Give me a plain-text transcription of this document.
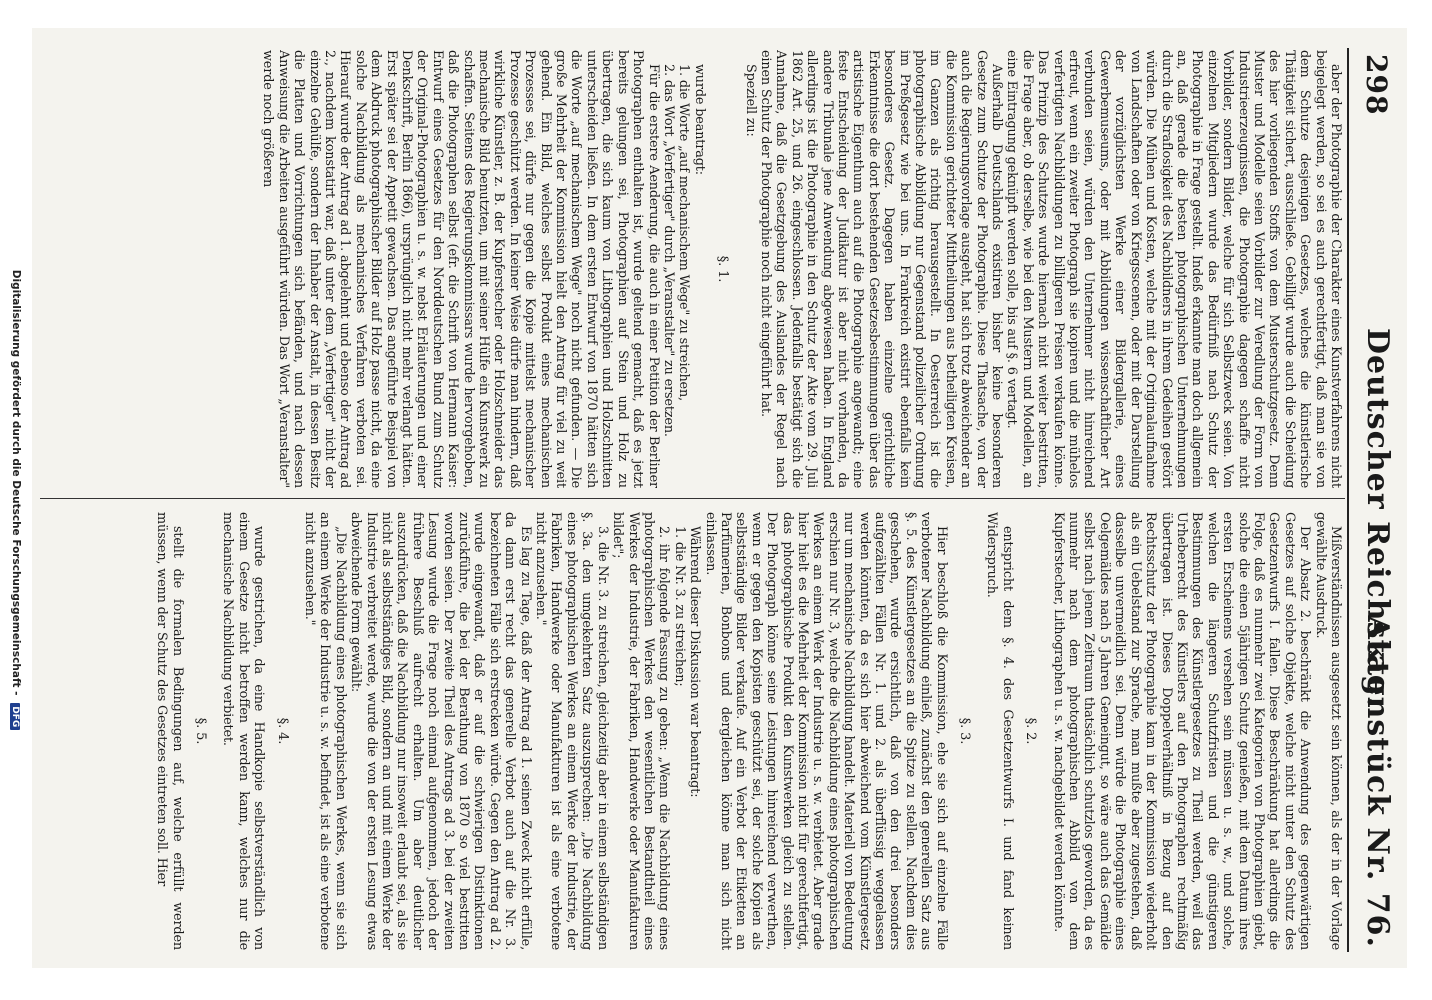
298
Deutscher Reichstag.
Aktenstück Nr. 76.

aber der Photographie der Charakter eines Kunstverfahrens nicht beigelegt werden, so sei es auch gerechtfertigt, daß man sie von dem Schutze desjenigen Gesetzes, welches die künstlerische Thätigkeit sichert, ausschließe. Gebilligt wurde auch die Scheidung des hier vorliegenden Stoffs von dem Musterschutzgesetz. Denn Muster und Modelle seien Vorbilder zur Veredlung der Form von Industrieerzeugnissen, die Photographie dagegen schaffe nicht Vorbilder, sondern Bilder, welche für sich Selbstzweck seien. Von einzelnen Mitgliedern wurde das Bedürfniß nach Schutz der Photographie in Frage gestellt. Indeß erkannte man doch allgemein an, daß gerade die besten photographischen Unternehmungen durch die Straflosigkeit des Nachbildners in ihrem Gedeihen gestört würden. Die Mühen und Kosten, welche mit der Originalaufnahme von Landschaften oder von Kriegsscenen, oder mit der Darstellung der vorzüglichsten Werke einer Bildergallerie, eines Gewerbemuseums, oder mit Abbildungen wissenschaftlicher Art verbunden seien, würden den Unternehmer nicht hinreichend erfreut, wenn ein zweiter Photograph sie kopiren und die mühelos verfertigten Nachbildungen zu billigeren Preisen verkaufen könne. Das Prinzip des Schutzes wurde hiernach nicht weiter bestritten, die Frage aber, ob derselbe, wie bei den Mustern und Modellen, an eine Eintragung geknüpft werden solle, bis auf §. 6 vertagt.

Außerhalb Deutschlands existiren bisher keine besonderen Gesetze zum Schutze der Photographie. Diese Thatsache, von der auch die Regierungsvorlage ausgeht, hat sich trotz abweichender an die Kommission gerichteter Mittheilungen aus betheiligten Kreisen, im Ganzen als richtig herausgestellt. In Oesterreich ist die photographische Abbildung nur Gegenstand polizeilicher Ordnung im Preßgesetz wie bei uns. In Frankreich existirt ebenfalls kein besonderes Gesetz. Dagegen haben einzelne gerichtliche Erkenntnisse die dort bestehenden Gesetzesbestimmungen über das artistische Eigenthum auch auf die Photographie angewandt; eine feste Entscheidung der Judikatur ist aber nicht vorhanden, da andere Tribunale jene Anwendung abgewiesen haben. In England allerdings ist die Photographie in den Schutz der Akte vom 29. Juli 1862 Art. 25, und 26. eingeschlossen. Jedenfalls bestätigt sich die Annahme, daß die Gesetzgebung des Auslandes der Regel nach einen Schutz der Photographie noch nicht eingeführt hat.

Speziell zu:

§. 1.

wurde beantragt:

1. die Worte „auf mechanischem Wege" zu streichen,

2. das Wort „Verfertiger" durch „Veranstalter" zu ersetzen.

Für die erstere Aenderung, die auch in einer Petition der Berliner Photographen enthalten ist, wurde geltend gemacht, daß es jetzt bereits gelungen sei, Photographien auf Stein und Holz zu übertragen, die sich kaum von Lithographien und Holzschnitten unterscheiden ließen. In dem ersten Entwurf von 1870 hätten sich die Worte „auf mechanischem Wege" noch nicht gefunden. — Die große Mehrheit der Kommission hielt den Antrag für viel zu weit gehend. Ein Bild, welches selbst Produkt eines mechanischen Prozesses sei, dürfe nur gegen die Kopie mittelst mechanischer Prozesse geschützt werden. In keiner Weise dürfe man hindern, daß wirkliche Künstler, z. B. der Kupferstecher oder Holzschneider das mechanische Bild benutzten, um mit seiner Hülfe ein Kunstwerk zu schaffen. Seitens des Regierungskommissars wurde hervorgehoben, daß die Photographen selbst (efr. die Schrift von Hermann Kaiser: Entwurf eines Gesetzes für den Norddeutschen Bund zum Schutz der Original-Photographien u. s. w. nebst Erläuterungen und einer Denkschrift, Berlin 1866), ursprünglich nicht mehr verlangt hätten. Erst später sei der Appetit gewachsen. Das angeführte Beispiel von dem Abdruck photographischer Bilder auf Holz passe nicht, da eine solche Nachbildung als mechanisches Verfahren verboten sei. Hierauf wurde der Antrag ad 1. abgelehnt und ebenso der Antrag ad 2., nachdem konstatirt war, daß unter dem „Verfertiger" nicht der einzelne Gehülfe, sondern der Inhaber der Anstalt, in dessen Besitz die Platten und Vorrichtungen sich befänden, und nach dessen Anweisung die Arbeiten ausgeführt würden. Das Wort „Veranstalter" werde noch größeren

Mißverständnissen ausgesetzt sein können, als der in der Vorlage gewählte Ausdruck.

Der Absatz 2. beschränkt die Anwendung des gegenwärtigen Gesetzes auf solche Objekte, welche nicht unter den Schutz des Gesetzentwurfs I. fallen. Diese Beschränkung hat allerdings die Folge, daß es nunmehr zwei Kategorien von Photographien giebt, solche die einen 5jährigen Schutz genießen, mit dem Datum ihres ersten Erscheinens versehen sein müssen u. s. w., und solche, welchen die längeren Schutzfristen und die günstigeren Bestimmungen des Künstlergesetzes zu Theil werden, weil das Urheberrecht des Künstlers auf den Photographen rechtmäßig übertragen ist. Dieses Doppelverhältniß in Bezug auf den Rechtsschutz der Photographie kam in der Kommission wiederholt als ein Uebelstand zur Sprache, man mußte aber zugestehen, daß dasselbe unvermeidlich sei. Denn würde die Photographie eines Oelgemäldes nach 5 Jahren Gemeingut, so wäre auch das Gemälde selbst nach jenem Zeitraum thatsächlich schutzlos geworden, da es nunmehr nach dem photographischen Abbild von dem Kupferstecher, Lithographen u. s. w. nachgebildet werden könnte.

§. 2.

entspricht dem §. 4. des Gesetzentwurfs I. und fand keinen Widerspruch.

§. 3.

Hier beschloß die Kommission, ehe sie sich auf einzelne Fälle verbotener Nachbildung einließ, zunächst den generellen Satz aus §. 5. des Künstlergesetzes an die Spitze zu stellen. Nachdem dies geschehen, wurde ersichtlich, daß von den drei besonders aufgezählten Fällen Nr. 1. und 2. als überflüssig weggelassen werden könnten, da es sich hier abweichend vom Künstlergesetz nur um mechanische Nachbildung handelt. Materiell von Bedeutung erschien nur Nr. 3, welche die Nachbildung eines photographischen Werkes an einem Werk der Industrie u. s. w. verbietet. Aber grade hier hielt es die Mehrheit der Kommission nicht für gerechtfertigt, das photographische Produkt den Kunstwerken gleich zu stellen. Der Photograph könne seine Leistungen hinreichend verwerthen, wenn er gegen den Kopisten geschützt sei, der solche Kopien als selbstständige Bilder verkaufe. Auf ein Verbot der Etiketten an Parfümerien, Bonbons und dergleichen könne man sich nicht einlassen.

Während dieser Diskussion war beantragt:

1. die Nr. 3. zu streichen;

2. ihr folgende Fassung zu geben: „Wenn die Nachbildung eines photographischen Werkes den wesentlichen Bestandtheil eines Werkes der Industrie, der Fabriken, Handwerke oder Manufakturen bildet";

3. die Nr. 3. zu streichen, gleichzeitig aber in einem selbständigen §. 3a. den umgekehrten Satz auszusprechen: „Die Nachbildung eines photographischen Werkes an einem Werke der Industrie, der Fabriken, Handwerke oder Manufakturen ist als eine verbotene nicht anzusehen."

Es lag zu Tage, daß der Antrag ad 1. seinen Zweck nicht erfülle, da dann erst recht das generelle Verbot auch auf die Nr. 3. bezeichneten Fälle sich erstrecken würde. Gegen den Antrag ad 2. wurde eingewandt, daß er auf die schwierigen Distinktionen zurückführe, die bei der Berathung von 1870 so viel bestritten worden seien. Der zweite Theil des Antrags ad 3. bei der zweiten Lesung wurde die Frage noch einmal aufgenommen, jedoch der frühere Beschluß aufrecht erhalten. Um aber deutlicher auszudrücken, daß die Nachbildung nur insoweit erlaubt sei, als sie nicht als selbstständiges Bild, sondern an und mit einem Werke der Industrie verbreitet werde, wurde die von der ersten Lesung etwas abweichende Form gewählt:

„Die Nachbildung eines photographischen Werkes, wenn sie sich an einem Werke der Industrie u. s. w. befindet, ist als eine verbotene nicht anzusehen."

§. 4.

wurde gestrichen, da eine Handkopie selbstverständlich von einem Gesetze nicht betroffen werden kann, welches nur die mechanische Nachbildung verbietet.

§. 5.

stellt die formalen Bedingungen auf, welche erfüllt werden müssen, wenn der Schutz des Gesetzes eintreten soll. Hier

Digitalisierung gefördert durch die Deutsche Forschungsgemeinschaft - DFG
